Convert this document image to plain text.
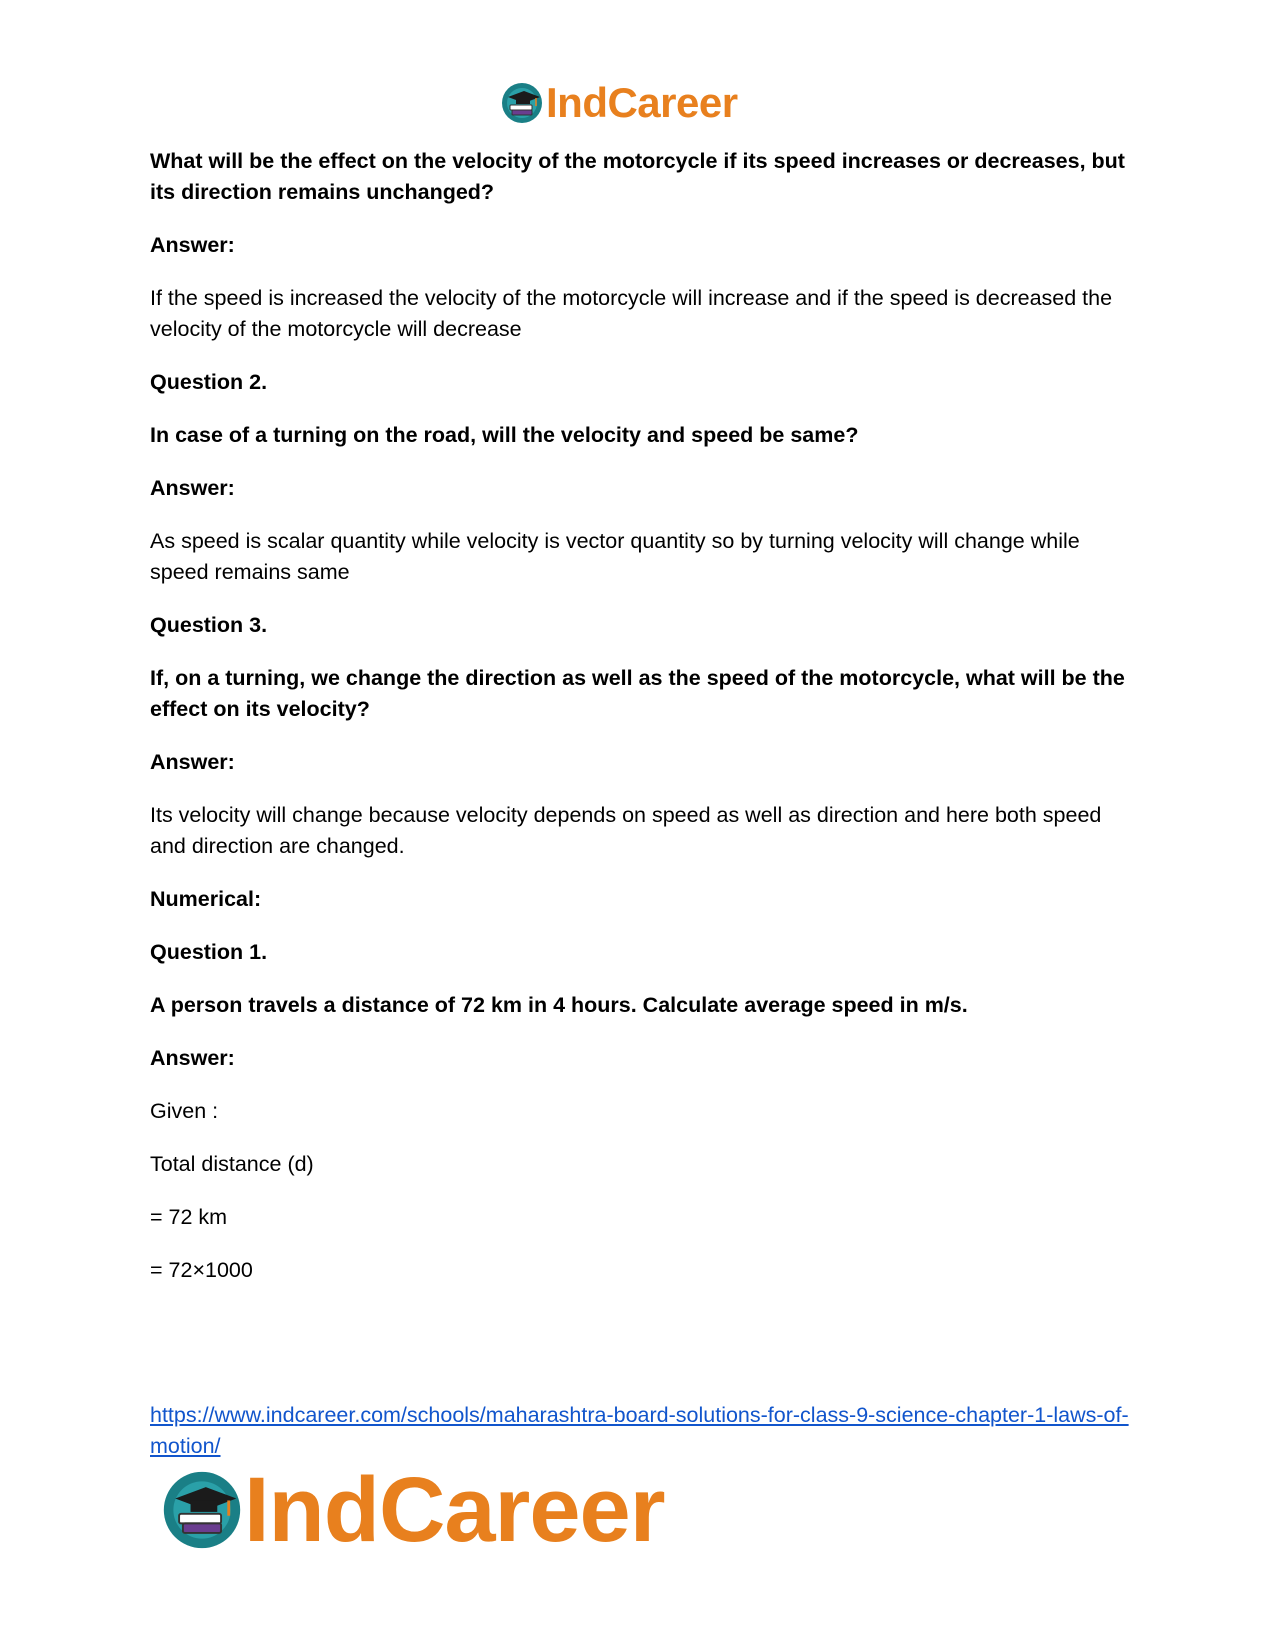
IndCareer

What will be the effect on the velocity of the motorcycle if its speed increases or decreases, but its direction remains unchanged?

Answer:

If the speed is increased the velocity of the motorcycle will increase and if the speed is decreased the velocity of the motorcycle will decrease

Question 2.

In case of a turning on the road, will the velocity and speed be same?

Answer:

As speed is scalar quantity while velocity is vector quantity so by turning velocity will change while speed remains same

Question 3.

If, on a turning, we change the direction as well as the speed of the motorcycle, what will be the effect on its velocity?

Answer:

Its velocity will change because velocity depends on speed as well as direction and here both speed and direction are changed.

Numerical:

Question 1.

A person travels a distance of 72 km in 4 hours. Calculate average speed in m/s.

Answer:

Given :

Total distance (d)

= 72 km

= 72×1000

https://www.indcareer.com/schools/maharashtra-board-solutions-for-class-9-science-chapter-1-laws-of-motion/
IndCareer
